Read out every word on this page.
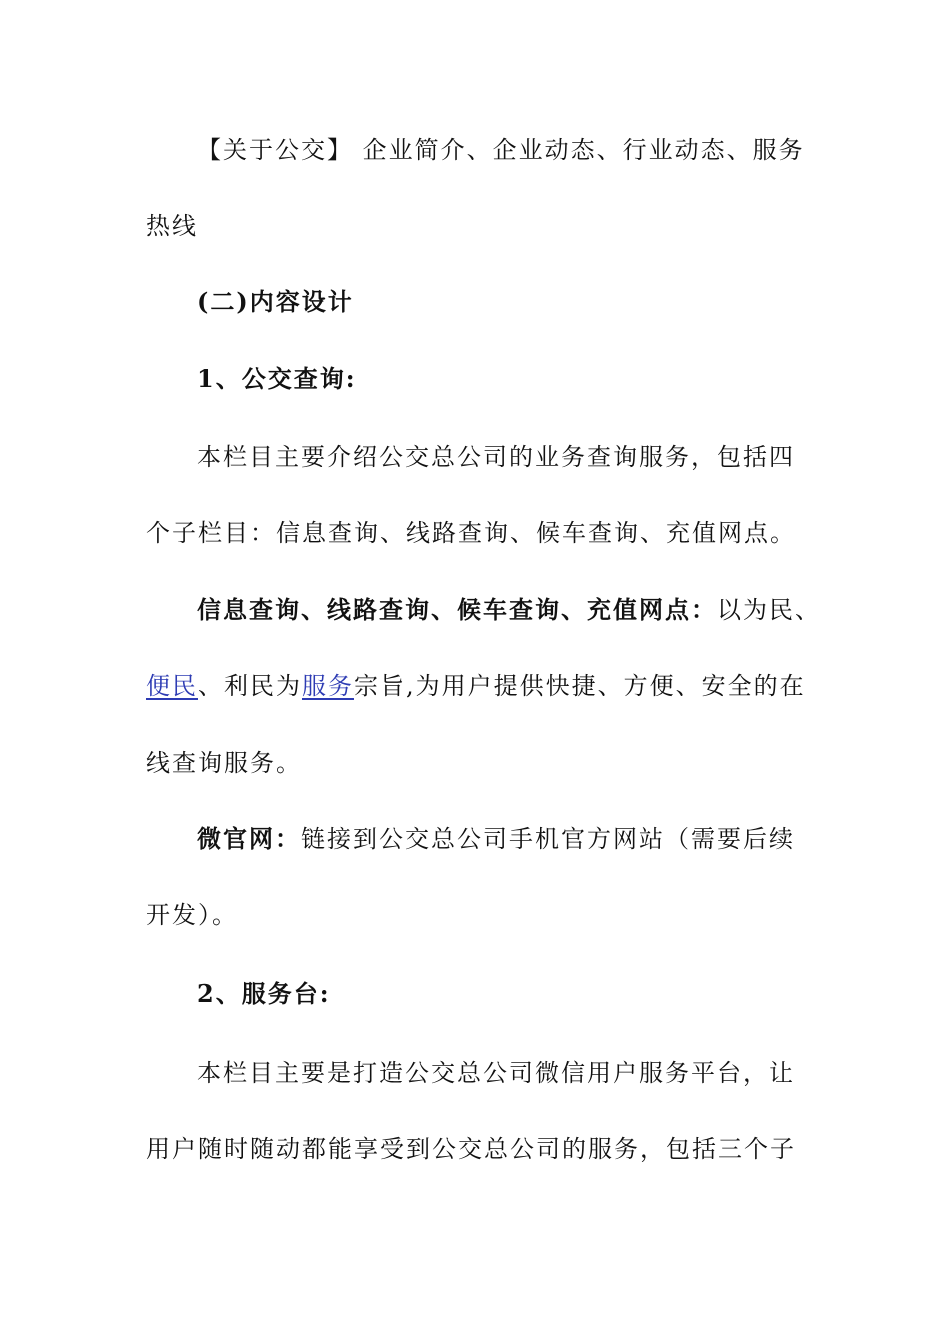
【关于公交】 企业简介、企业动态、行业动态、服务
热线
(二)内容设计
1、公交查询:
本栏目主要介绍公交总公司的业务查询服务，包括四
个子栏目：信息查询、线路查询、候车查询、充值网点。
信息查询、线路查询、候车查询、充值网点：以为民、
便民、利民为服务宗旨,为用户提供快捷、方便、安全的在
线查询服务。
微官网：链接到公交总公司手机官方网站（需要后续
开发）。
2、服务台:
本栏目主要是打造公交总公司微信用户服务平台，让
用户随时随动都能享受到公交总公司的服务，包括三个子
